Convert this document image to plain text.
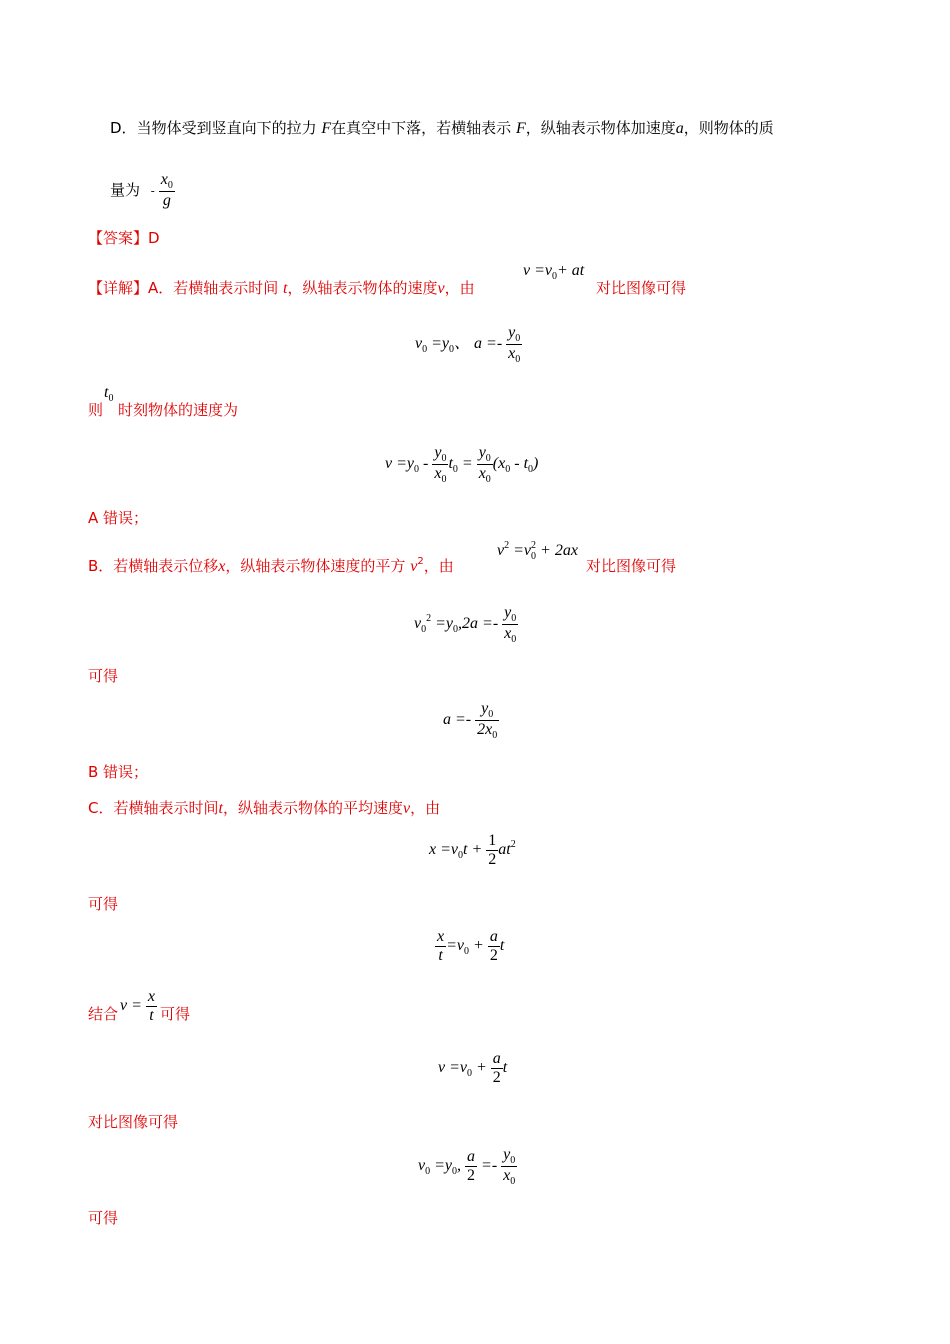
D．当物体受到竖直向下的拉力 F在真空中下落，若横轴表示 F，纵轴表示物体加速度a，则物体的质
量为 - $\frac{x_0}{g}$
【答案】D
【详解】A．若横轴表示时间 t，纵轴表示物体的速度v，由
$v =v_0+$ at
对比图像可得
$v_0 =y_0$、 $a =- \frac{y_0}{x_0}$
则
$t_0$
时刻物体的速度为
$v =y_0 - \frac{y_0}{x_0} t_0 = \frac{y_0}{x_0} (x_0 - t_0)$
A 错误；
B．若横轴表示位移x，纵轴表示物体速度的平方 $v^2$，由
$v^2 =v_0^2 + 2ax$
对比图像可得
$v_0^2 =y_0,2a =- \frac{y_0}{x_0}$
可得
$a =- \frac{y_0}{2x_0}$
B 错误；
C．若横轴表示时间t，纵轴表示物体的平均速度v，由
$x =v_0t + \frac{1}{2} at^2$
可得
$\frac{x}{t} =v_0 + \frac{a}{2}$ t
结合 $v = \frac{x}{t}$ 可得
$v =v_0 + \frac{a}{2}$ t
对比图像可得
$v_0 =y_0$, $\frac{a}{2} =- \frac{y_0}{x_0}$
可得
